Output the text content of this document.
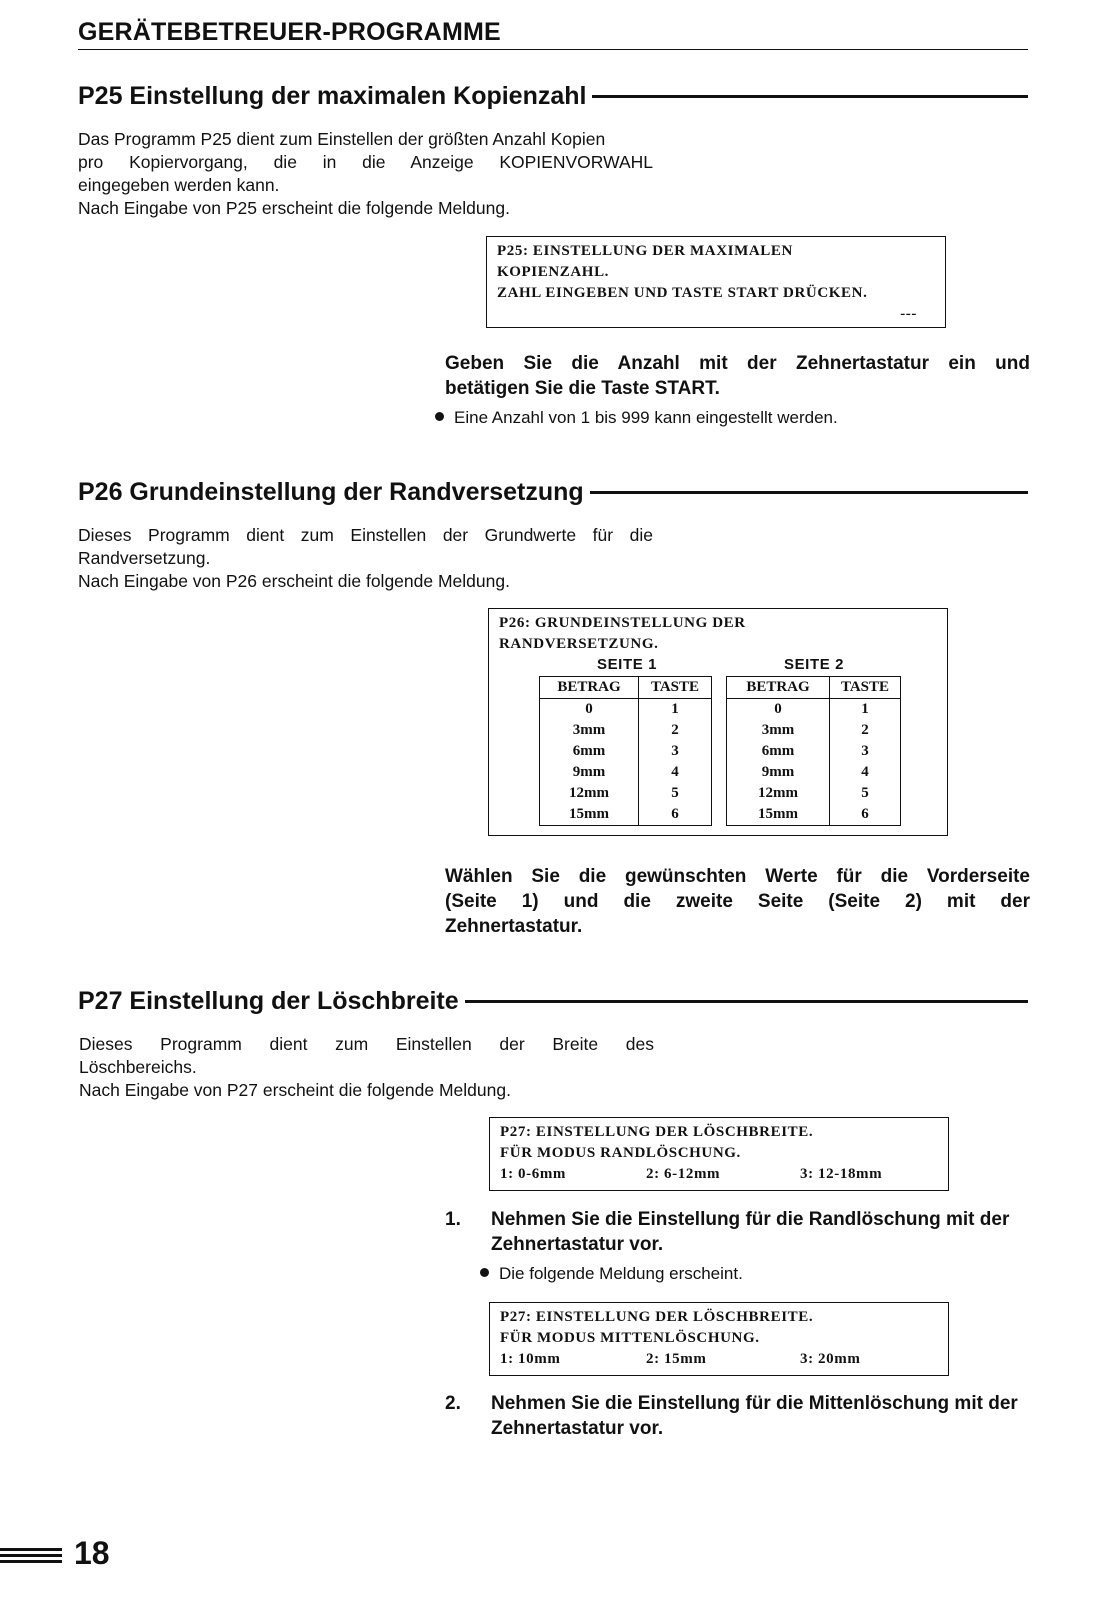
GERÄTEBETREUER-PROGRAMME
P25 Einstellung der maximalen Kopienzahl
Das Programm P25 dient zum Einstellen der größten Anzahl Kopien
pro Kopiervorgang, die in die Anzeige KOPIENVORWAHL
eingegeben werden kann.
Nach Eingabe von P25 erscheint die folgende Meldung.
P25: EINSTELLUNG DER MAXIMALEN
KOPIENZAHL.
ZAHL EINGEBEN UND TASTE START DRÜCKEN.
---
Geben Sie die Anzahl mit der Zehnertastatur ein und
betätigen Sie die Taste START.
Eine Anzahl von 1 bis 999 kann eingestellt werden.
P26 Grundeinstellung der Randversetzung
Dieses Programm dient zum Einstellen der Grundwerte für die
Randversetzung.
Nach Eingabe von P26 erscheint die folgende Meldung.
P26: GRUNDEINSTELLUNG DER
RANDVERSETZUNG.
SEITE 1	SEITE 2
BETRAG	TASTE
0	1
3mm	2
6mm	3
9mm	4
12mm	5
15mm	6
BETRAG	TASTE
0	1
3mm	2
6mm	3
9mm	4
12mm	5
15mm	6
Wählen Sie die gewünschten Werte für die Vorderseite
(Seite 1) und die zweite Seite (Seite 2) mit der
Zehnertastatur.
P27 Einstellung der Löschbreite
Dieses Programm dient zum Einstellen der Breite des
Löschbereichs.
Nach Eingabe von P27 erscheint die folgende Meldung.
P27: EINSTELLUNG DER LÖSCHBREITE.
FÜR MODUS RANDLÖSCHUNG.
1: 0-6mm	2: 6-12mm	3: 12-18mm
1.	Nehmen Sie die Einstellung für die Randlöschung mit der Zehnertastatur vor.
Die folgende Meldung erscheint.
P27: EINSTELLUNG DER LÖSCHBREITE.
FÜR MODUS MITTENLÖSCHUNG.
1: 10mm	2: 15mm	3: 20mm
2.	Nehmen Sie die Einstellung für die Mittenlöschung mit der Zehnertastatur vor.
18
